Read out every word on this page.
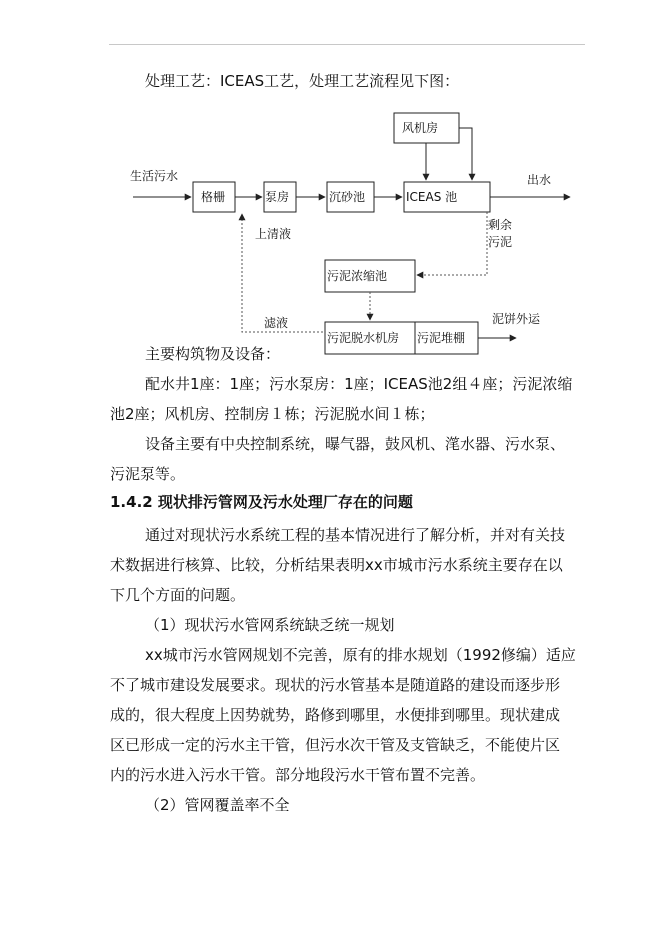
处理工艺：ICEAS工艺，处理工艺流程见下图：
风机房
格栅	泵房	沉砂池	ICEAS 池
污泥浓缩池
污泥脱水机房 污泥堆棚
生活污水	出水
上清液
剩余
污泥
滤液	泥饼外运
主要构筑物及设备：
配水井1座：1座；污水泵房：1座；ICEAS池2组４座；污泥浓缩
池2座；风机房、控制房１栋；污泥脱水间１栋；
设备主要有中央控制系统，曝气器，鼓风机、滗水器、污水泵、
污泥泵等。
1.4.2 现状排污管网及污水处理厂存在的问题
通过对现状污水系统工程的基本情况进行了解分析，并对有关技
术数据进行核算、比较，分析结果表明xx市城市污水系统主要存在以
下几个方面的问题。
（1）现状污水管网系统缺乏统一规划
xx城市污水管网规划不完善，原有的排水规划（1992修编）适应
不了城市建设发展要求。现状的污水管基本是随道路的建设而逐步形
成的，很大程度上因势就势，路修到哪里，水便排到哪里。现状建成
区已形成一定的污水主干管，但污水次干管及支管缺乏，不能使片区
内的污水进入污水干管。部分地段污水干管布置不完善。
（2）管网覆盖率不全
